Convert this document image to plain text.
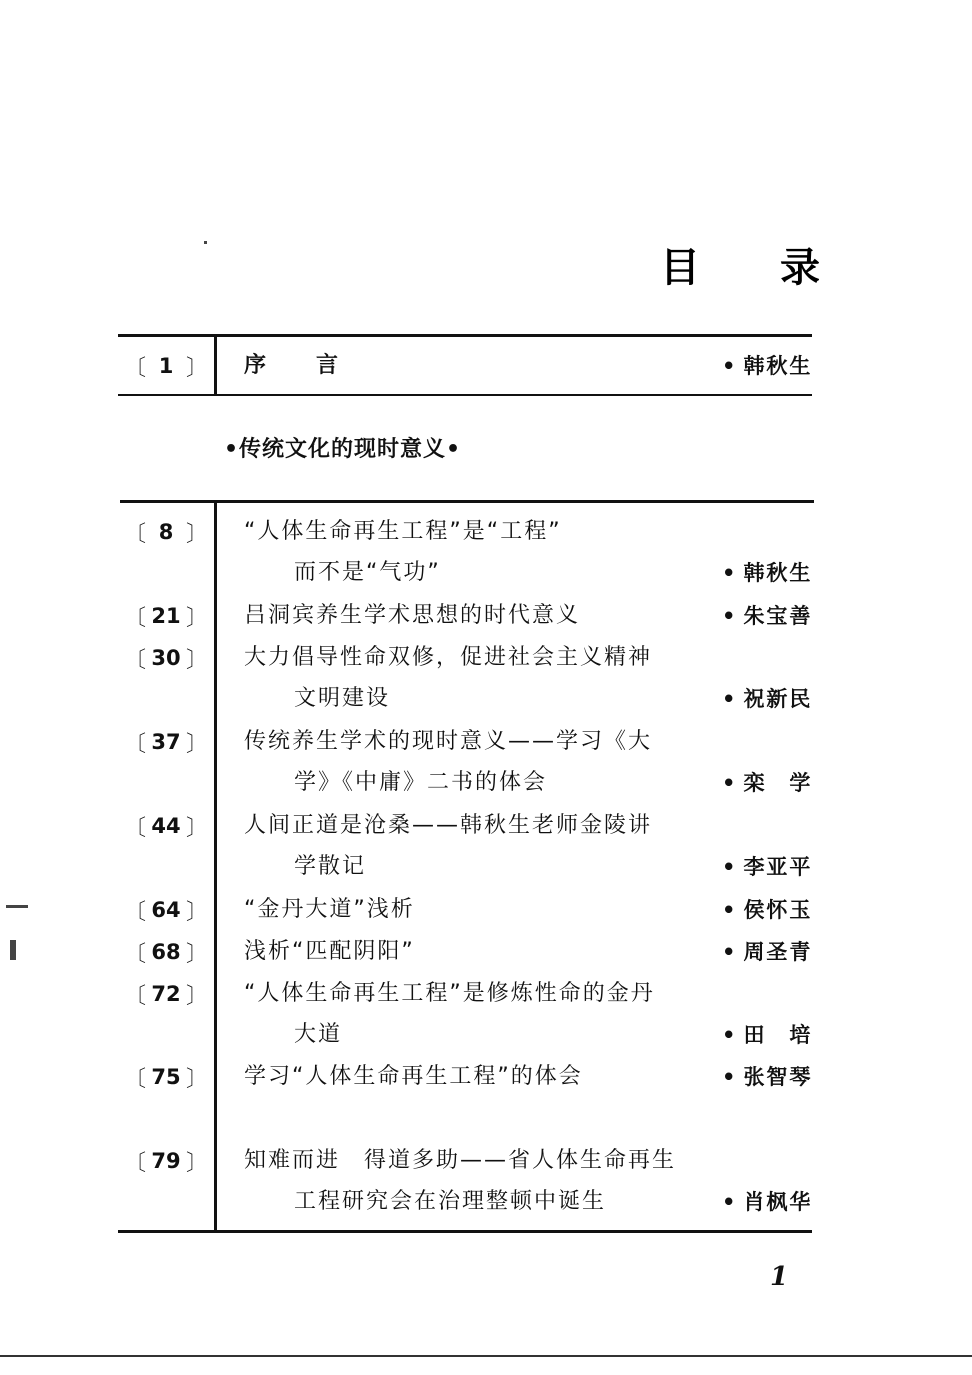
目 录
〔 1 〕 序　　言	• 韩秋生
•传统文化的现时意义•
〔 8 〕 “人体生命再生工程”是“工程”
而不是“气功”	• 韩秋生
〔 21 〕 吕洞宾养生学术思想的时代意义	• 朱宝善
〔 30 〕 大力倡导性命双修，促进社会主义精神
文明建设	• 祝新民
〔 37 〕 传统养生学术的现时意义——学习《大
学》《中庸》二书的体会	• 栾　学
〔 44 〕 人间正道是沧桑——韩秋生老师金陵讲
学散记	• 李亚平
〔 64 〕 “金丹大道”浅析	• 侯怀玉
〔 68 〕 浅析“匹配阴阳”	• 周圣青
〔 72 〕 “人体生命再生工程”是修炼性命的金丹
大道	• 田　培
〔 75 〕 学习“人体生命再生工程”的体会	• 张智琴
〔 79 〕 知难而进　得道多助——省人体生命再生
工程研究会在治理整顿中诞生	• 肖枫华
1
